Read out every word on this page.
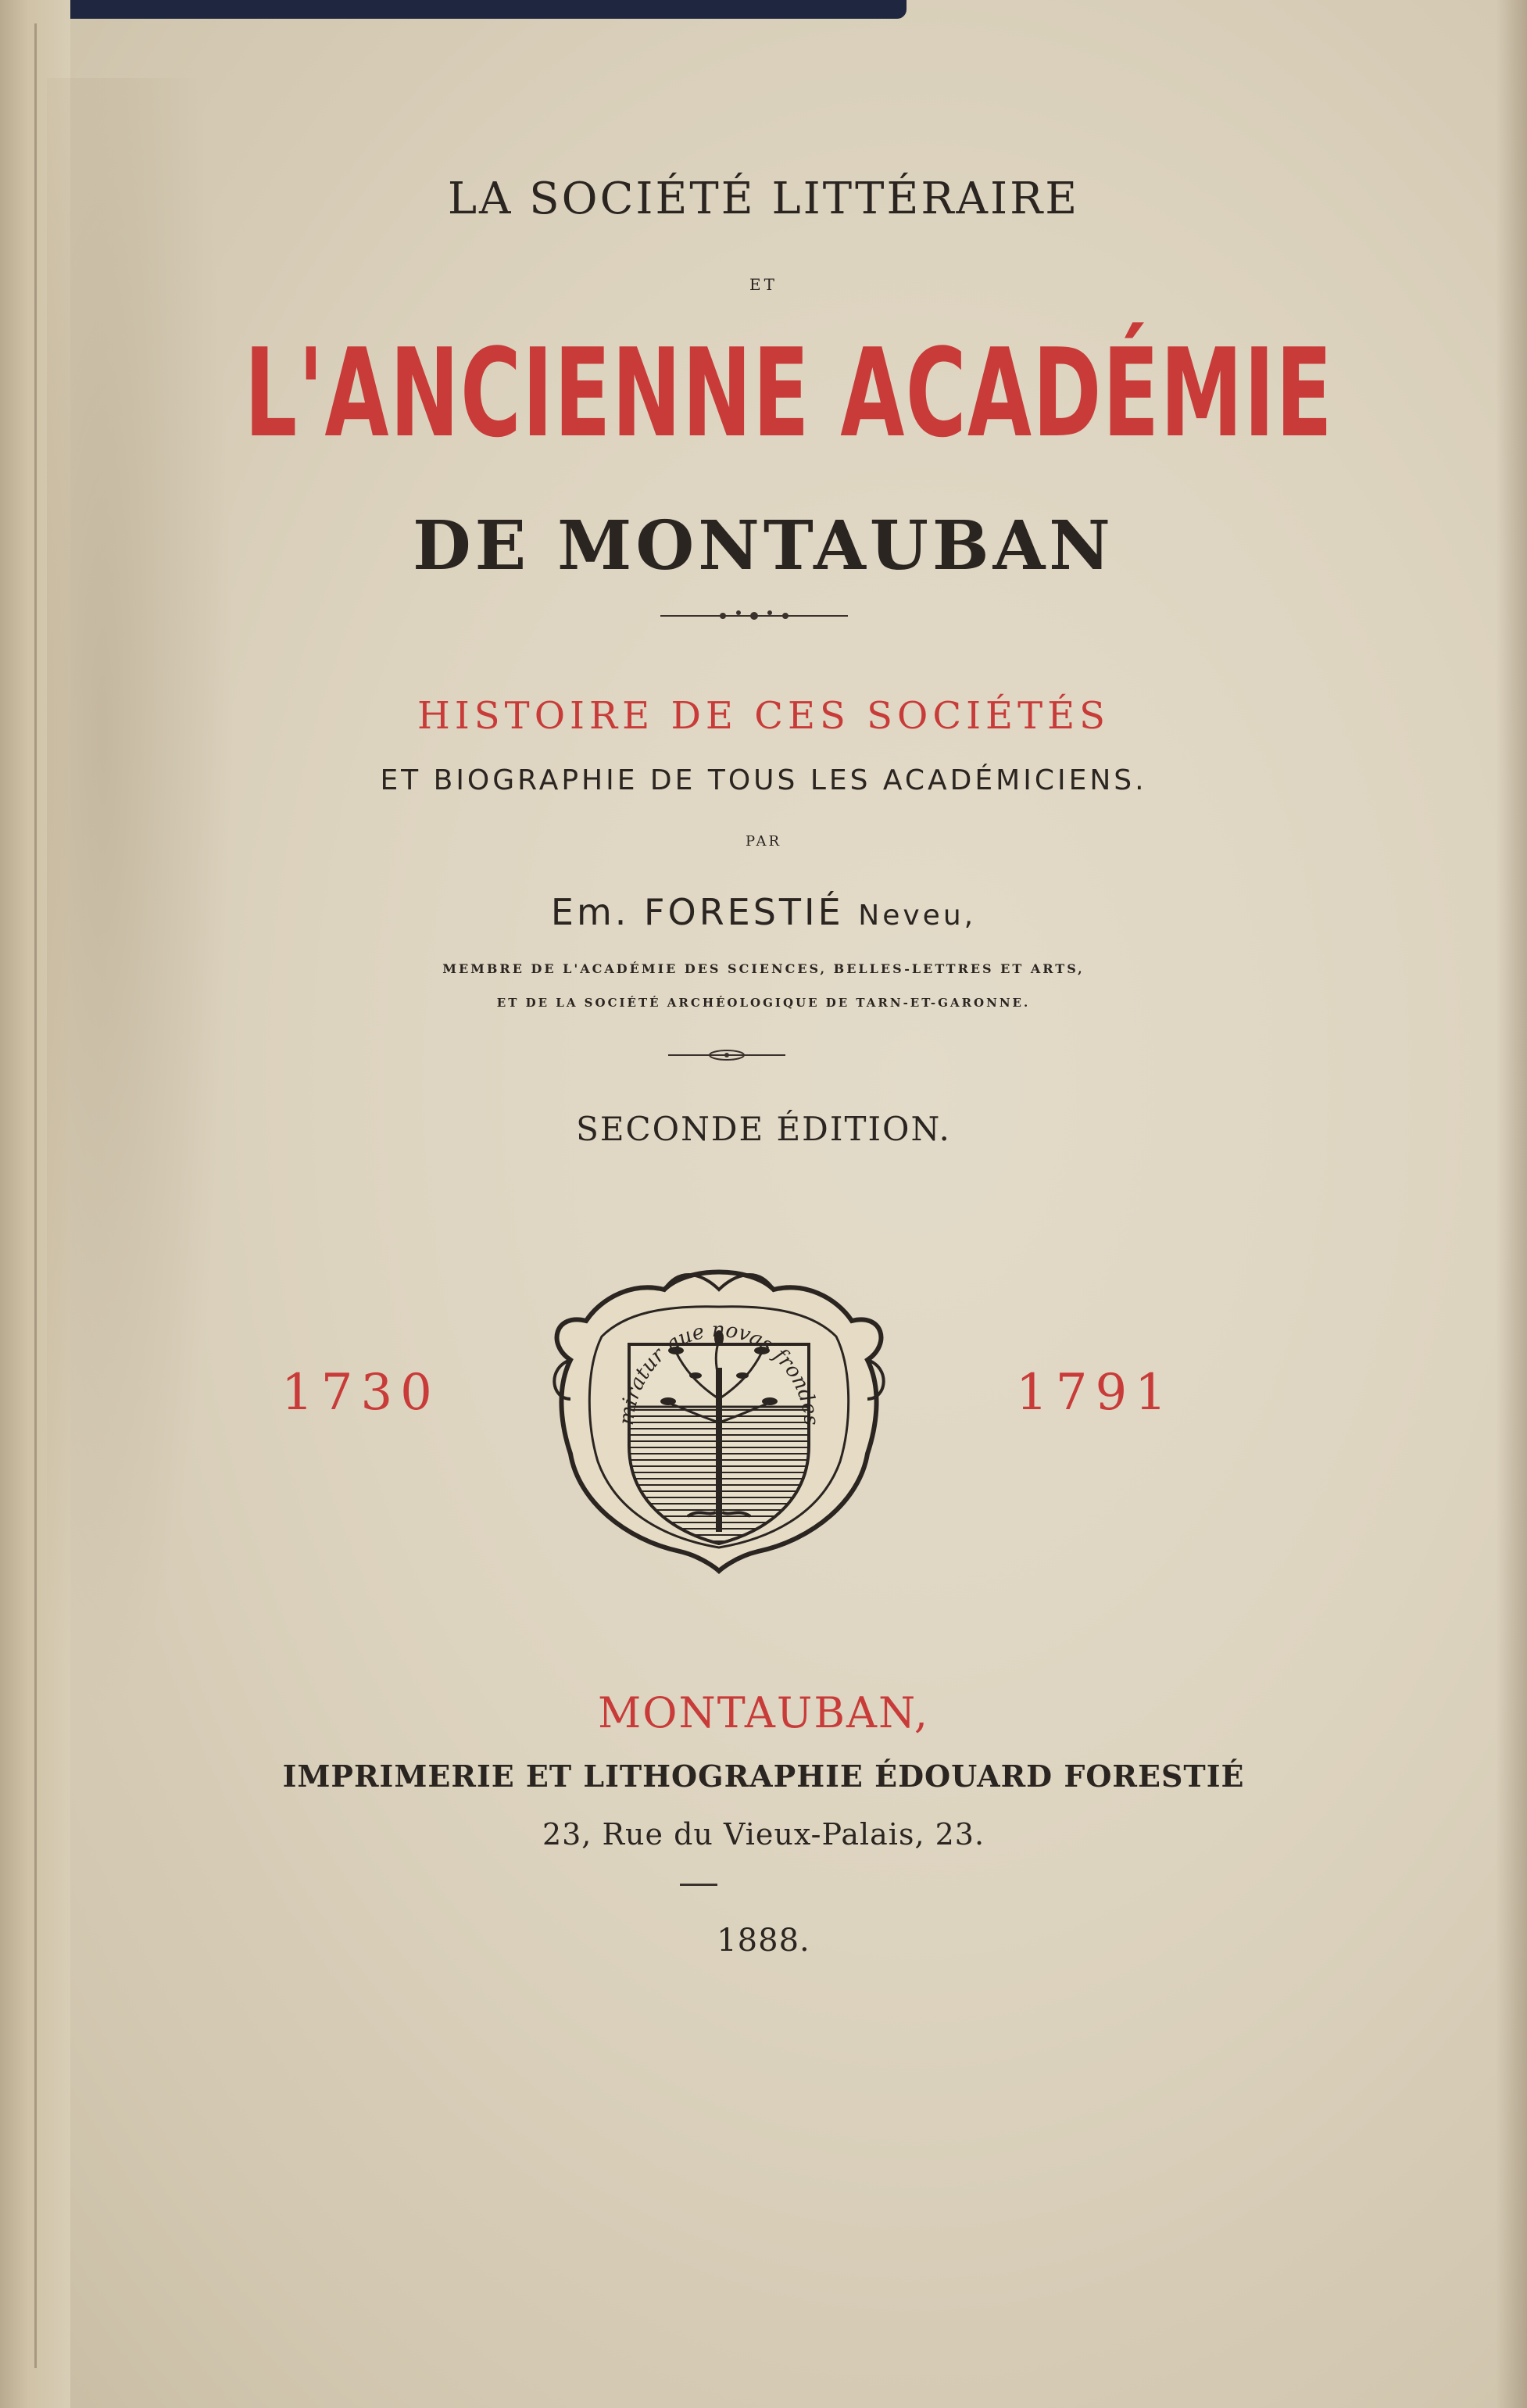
LA SOCIÉTÉ LITTÉRAIRE
ET
L'ANCIENNE ACADÉMIE
DE MONTAUBAN
HISTOIRE DE CES SOCIÉTÉS
ET BIOGRAPHIE DE TOUS LES ACADÉMICIENS.
PAR
Em. FORESTIÉ Neveu,
MEMBRE DE L'ACADÉMIE DES SCIENCES, BELLES-LETTRES ET ARTS,
ET DE LA SOCIÉTÉ ARCHÉOLOGIQUE DE TARN-ET-GARONNE.
SECONDE ÉDITION.
1730	1791
miratur que novas frondes
MONTAUBAN,
IMPRIMERIE ET LITHOGRAPHIE ÉDOUARD FORESTIÉ
23, Rue du Vieux-Palais, 23.
1888.
